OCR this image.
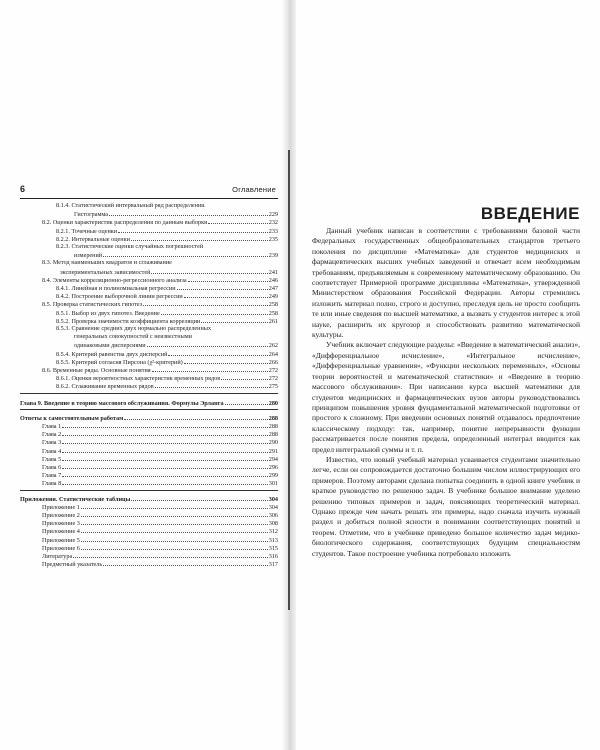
6	Оглавление
8.1.4. Статистический интервальный ряд распределения.
Гистограмма	229
8.2. Оценки характеристик распределения по данным выборки	232
8.2.1. Точечные оценки	233
8.2.2. Интервальные оценки	235
8.2.3. Статистические оценки случайных погрешностей
измерений	239
8.3. Метод наименьших квадратов и сглаживание
экспериментальных зависимостей	241
8.4. Элементы корреляционно-регрессионного анализа	246
8.4.1. Линейная и полиномиальная регрессии	247
8.4.2. Построение выборочной линии регрессии	249
8.5. Проверка статистических гипотез	258
8.5.1. Выбор из двух гипотез. Введение	258
8.5.2. Проверка значимости коэффициента корреляции	261
8.5.3. Сравнение средних двух нормально распределенных
генеральных совокупностей с неизвестными
одинаковыми дисперсиями	262
8.5.4. Критерий равенства двух дисперсий	264
8.5.5. Критерий согласия Пирсона (χ²-критерий)	266
8.6. Временные ряды. Основные понятия	272
8.6.1. Оценки вероятностных характеристик временных рядов	272
8.6.2. Сглаживание временных рядов	275
Глава 9. Введение в теорию массового обслуживания. Формулы Эрланга	280
Ответы к самостоятельным работам	288
Глава 1	288
Глава 2	288
Глава 3	290
Глава 4	291
Глава 5	294
Глава 6	296
Глава 7	299
Глава 8	301
Приложения. Статистические таблицы	304
Приложение 1	304
Приложение 2	306
Приложение 3	308
Приложение 4	312
Приложение 5	313
Приложение 6	315
Литература	316
Предметный указатель	317
ВВЕДЕНИЕ

Данный учебник написан в соответствии с требованиями базовой части Федеральных государственных общеобразовательных стандартов третьего поколения по дисциплине «Математика» для студентов медицинских и фармацевтических высших учебных заведений и отвечает всем необходимым требованиям, предъявляемым к современному математическому образованию. Он соответствует Примерной программе дисциплины «Математика», утвержденной Министерством образования Российской Федерации. Авторы стремились изложить материал полно, строго и доступно, преследуя цель не просто сообщить те или иные сведения по высшей математике, а вызвать у студентов интерес к этой науке, расширить их кругозор и способствовать развитию математической культуры.

Учебник включает следующие разделы: «Введение в математический анализ», «Дифференциальное исчисление», «Интегральное исчисление», «Дифференциальные уравнения», «Функции нескольких переменных», «Основы теории вероятностей и математической статистики» и «Введение в теорию массового обслуживания». При написании курса высшей математики для студентов медицинских и фармацевтических вузов авторы руководствовались принципом повышения уровня фундаментальной математической подготовки от простого к сложному. При введении основных понятий отдавалось предпочтение классическому подходу: так, например, понятие непрерывности функции рассматривается после понятия предела, определенный интеграл вводится как предел интегральной суммы и т. п.

Известно, что новый учебный материал усваивается студентами значительно легче, если он сопровождается достаточно большим числом иллюстрирующих его примеров. Поэтому авторами сделана попытка соединить в одной книге учебник и краткое руководство по решению задач. В учебнике большое внимание уделено решению типовых примеров и задач, поясняющих теоретический материал. Однако прежде чем начать решать эти примеры, надо сначала изучить нужный раздел и добиться полной ясности в понимании соответствующих понятий и теорем. Отметим, что в учебнике приведено большое количество задач медико-биологического содержания, соответствующих будущим специальностям студентов. Такое построение учебника потребовало изложить
